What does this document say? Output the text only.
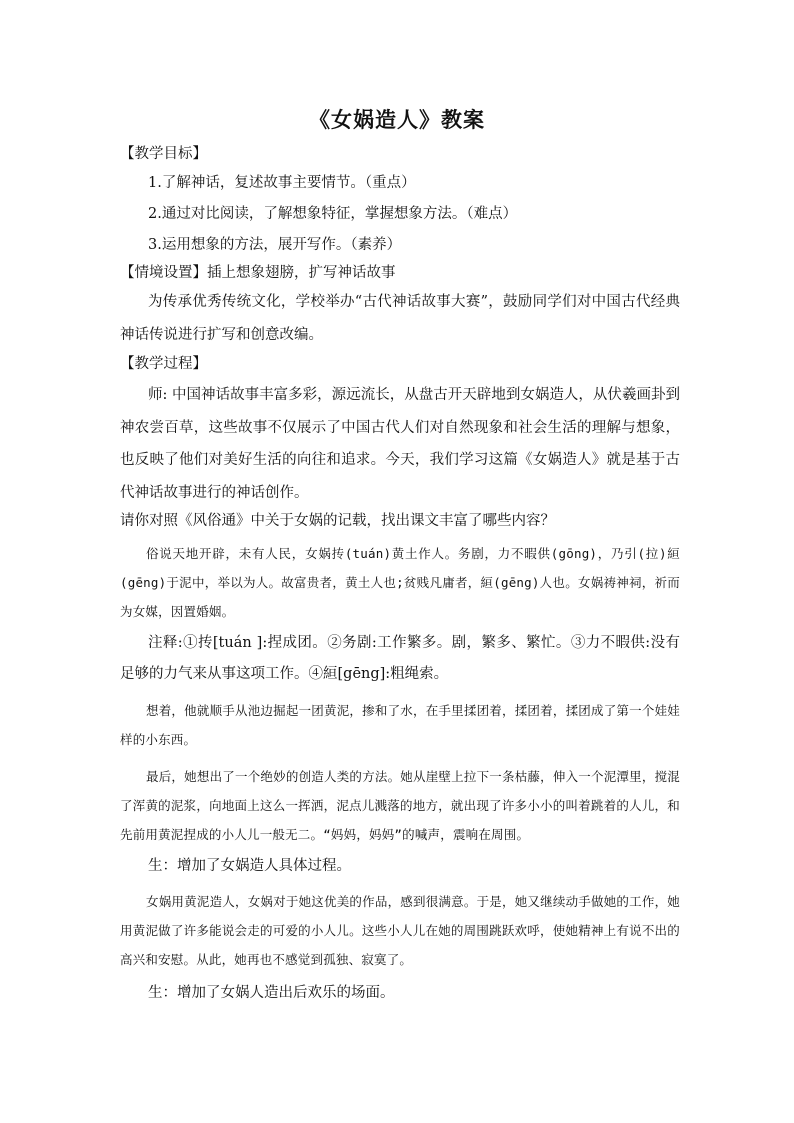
《女娲造人》教案

【教学目标】

1.了解神话，复述故事主要情节。（重点）

2.通过对比阅读，了解想象特征，掌握想象方法。（难点）

3.运用想象的方法，展开写作。（素养）

【情境设置】插上想象翅膀，扩写神话故事

为传承优秀传统文化，学校举办“古代神话故事大赛”，鼓励同学们对中国古代经典神话传说进行扩写和创意改编。

【教学过程】

师: 中国神话故事丰富多彩，源远流长，从盘古开天辟地到女娲造人，从伏羲画卦到神农尝百草，这些故事不仅展示了中国古代人们对自然现象和社会生活的理解与想象，也反映了他们对美好生活的向往和追求。今天，我们学习这篇《女娲造人》就是基于古代神话故事进行的神话创作。

请你对照《风俗通》中关于女娲的记载，找出课文丰富了哪些内容？

俗说天地开辟，未有人民，女娲抟(tuán)黄土作人。务剧，力不暇供(gōng)，乃引(拉)絙(gēng)于泥中，举以为人。故富贵者，黄土人也;贫贱凡庸者，絙(gēng)人也。女娲祷神祠，祈而为女媒，因置婚姻。

注释:①抟[tuán ]:捏成团。②务剧:工作繁多。剧，繁多、繁忙。③力不暇供:没有足够的力气来从事这项工作。④絙[gēng]:粗绳索。

想着，他就顺手从池边掘起一团黄泥，掺和了水，在手里揉团着，揉团着，揉团成了第一个娃娃样的小东西。

最后，她想出了一个绝妙的创造人类的方法。她从崖壁上拉下一条枯藤，伸入一个泥潭里，搅混了浑黄的泥浆，向地面上这么一挥洒，泥点儿溅落的地方，就出现了许多小小的叫着跳着的人儿，和先前用黄泥捏成的小人儿一般无二。“妈妈，妈妈”的喊声，震响在周围。

生：增加了女娲造人具体过程。

女娲用黄泥造人，女娲对于她这优美的作品，感到很满意。于是，她又继续动手做她的工作，她用黄泥做了许多能说会走的可爱的小人儿。这些小人儿在她的周围跳跃欢呼，使她精神上有说不出的高兴和安慰。从此，她再也不感觉到孤独、寂寞了。

生：增加了女娲人造出后欢乐的场面。
